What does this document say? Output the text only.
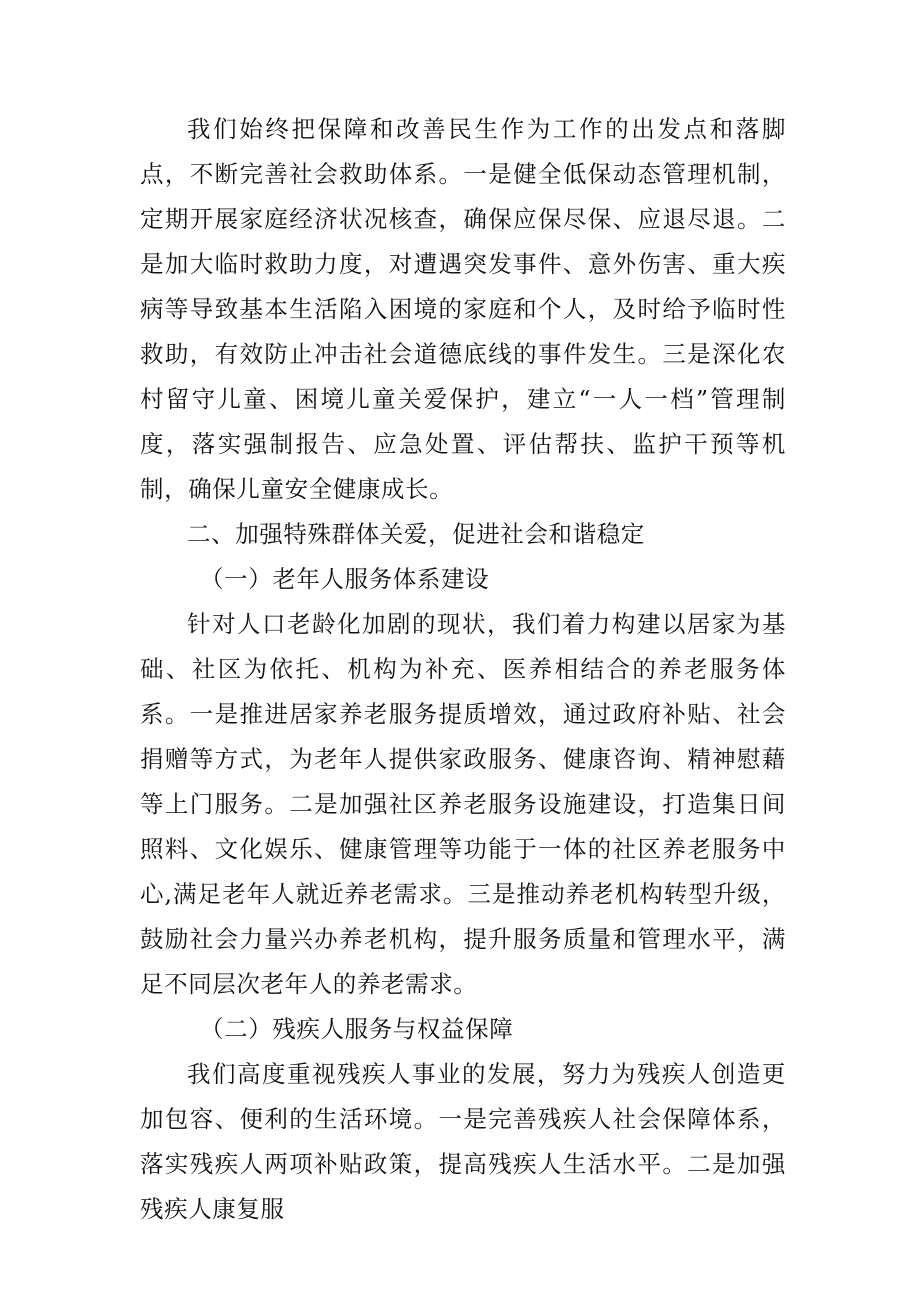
我们始终把保障和改善民生作为工作的出发点和落脚点，不断完善社会救助体系。一是健全低保动态管理机制，定期开展家庭经济状况核查，确保应保尽保、应退尽退。二是加大临时救助力度，对遭遇突发事件、意外伤害、重大疾病等导致基本生活陷入困境的家庭和个人，及时给予临时性救助，有效防止冲击社会道德底线的事件发生。三是深化农村留守儿童、困境儿童关爱保护，建立“一人一档”管理制度，落实强制报告、应急处置、评估帮扶、监护干预等机制，确保儿童安全健康成长。

二、加强特殊群体关爱，促进社会和谐稳定

（一）老年人服务体系建设

针对人口老龄化加剧的现状，我们着力构建以居家为基础、社区为依托、机构为补充、医养相结合的养老服务体系。一是推进居家养老服务提质增效，通过政府补贴、社会捐赠等方式，为老年人提供家政服务、健康咨询、精神慰藉等上门服务。二是加强社区养老服务设施建设，打造集日间照料、文化娱乐、健康管理等功能于一体的社区养老服务中心,满足老年人就近养老需求。三是推动养老机构转型升级，鼓励社会力量兴办养老机构，提升服务质量和管理水平，满足不同层次老年人的养老需求。

（二）残疾人服务与权益保障

我们高度重视残疾人事业的发展，努力为残疾人创造更加包容、便利的生活环境。一是完善残疾人社会保障体系，落实残疾人两项补贴政策，提高残疾人生活水平。二是加强残疾人康复服
